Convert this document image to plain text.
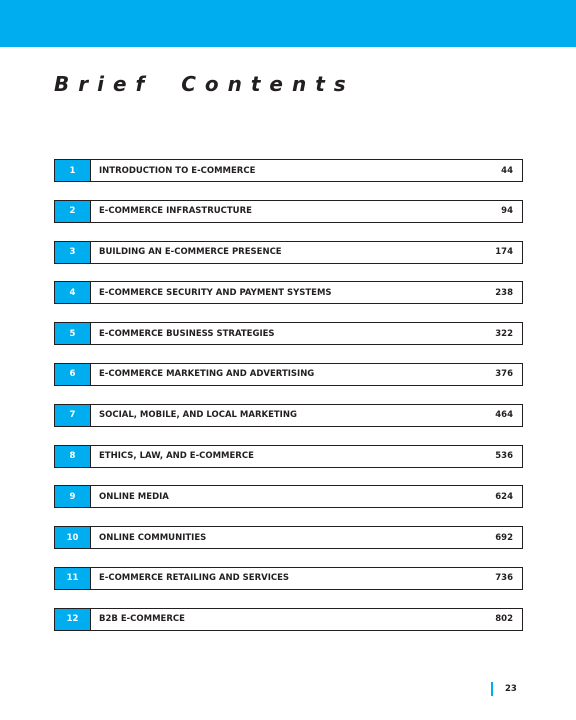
Brief Contents
1	INTRODUCTION TO E-COMMERCE	44
2	E-COMMERCE INFRASTRUCTURE	94
3	BUILDING AN E-COMMERCE PRESENCE	174
4	E-COMMERCE SECURITY AND PAYMENT SYSTEMS	238
5	E-COMMERCE BUSINESS STRATEGIES	322
6	E-COMMERCE MARKETING AND ADVERTISING	376
7	SOCIAL, MOBILE, AND LOCAL MARKETING	464
8	ETHICS, LAW, AND E-COMMERCE	536
9	ONLINE MEDIA	624
10	ONLINE COMMUNITIES	692
11	E-COMMERCE RETAILING AND SERVICES	736
12	B2B E-COMMERCE	802
23
